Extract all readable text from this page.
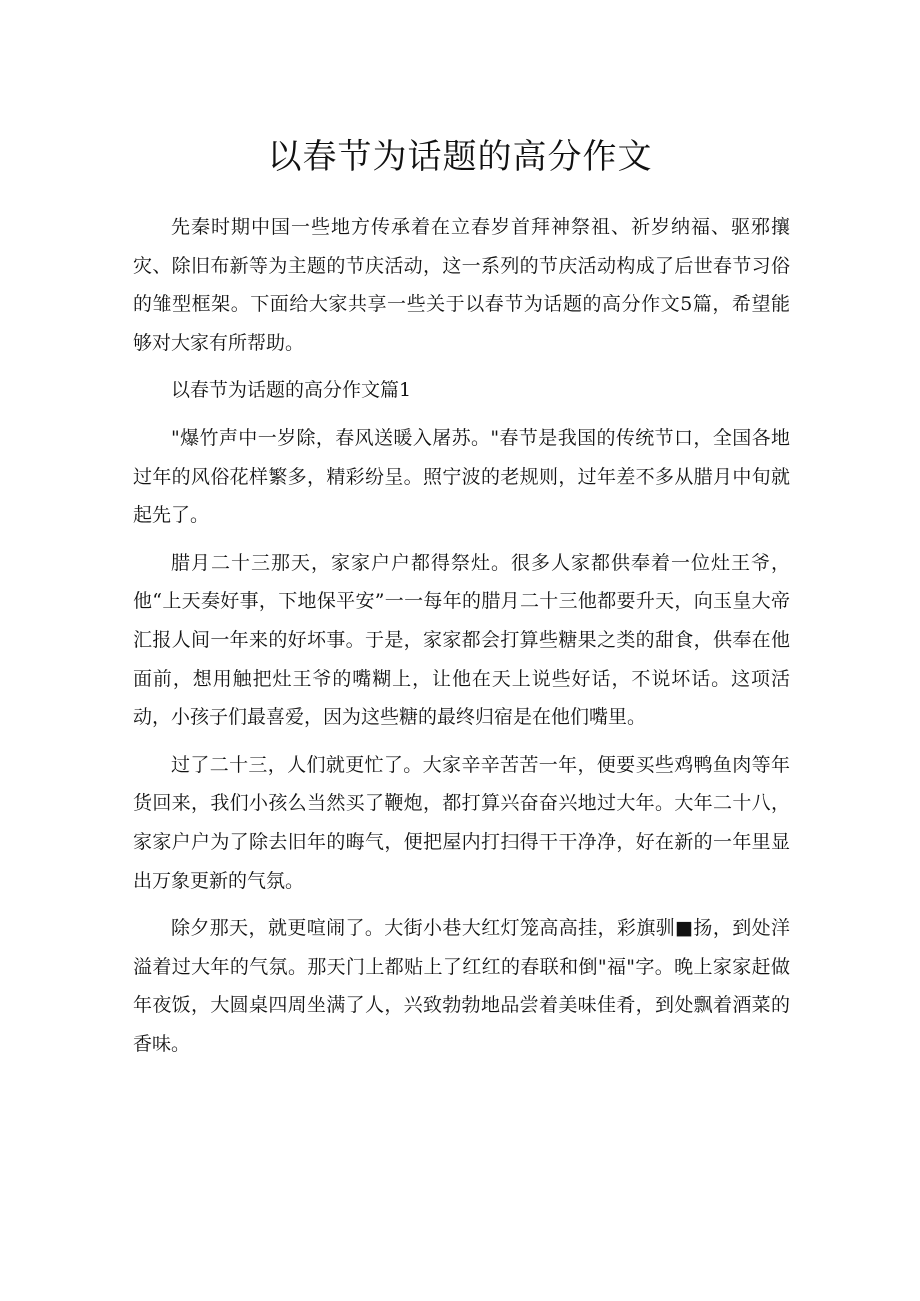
以春节为话题的高分作文

先秦时期中国一些地方传承着在立春岁首拜神祭祖、祈岁纳福、驱邪攘灾、除旧布新等为主题的节庆活动，这一系列的节庆活动构成了后世春节习俗的雏型框架。下面给大家共享一些关于以春节为话题的高分作文5篇，希望能够对大家有所帮助。

以春节为话题的高分作文篇1

"爆竹声中一岁除，春风送暖入屠苏。"春节是我国的传统节口，全国各地过年的风俗花样繁多，精彩纷呈。照宁波的老规则，过年差不多从腊月中旬就起先了。

腊月二十三那天，家家户户都得祭灶。很多人家都供奉着一位灶王爷，他“上天奏好事，下地保平安”一一每年的腊月二十三他都要升天，向玉皇大帝汇报人间一年来的好坏事。于是，家家都会打算些糖果之类的甜食，供奉在他面前，想用触把灶王爷的嘴糊上，让他在天上说些好话，不说坏话。这项活动，小孩子们最喜爱，因为这些糖的最终归宿是在他们嘴里。

过了二十三，人们就更忙了。大家辛辛苦苦一年，便要买些鸡鸭鱼肉等年货回来，我们小孩么当然买了鞭炮，都打算兴奋奋兴地过大年。大年二十八，家家户户为了除去旧年的晦气，便把屋内打扫得干干净净，好在新的一年里显出万象更新的气氛。

除夕那天，就更喧闹了。大街小巷大红灯笼高高挂，彩旗驯■扬，到处洋溢着过大年的气氛。那天门上都贴上了红红的春联和倒"福"字。晚上家家赶做年夜饭，大圆桌四周坐满了人，兴致勃勃地品尝着美味佳肴，到处飘着酒菜的香味。
